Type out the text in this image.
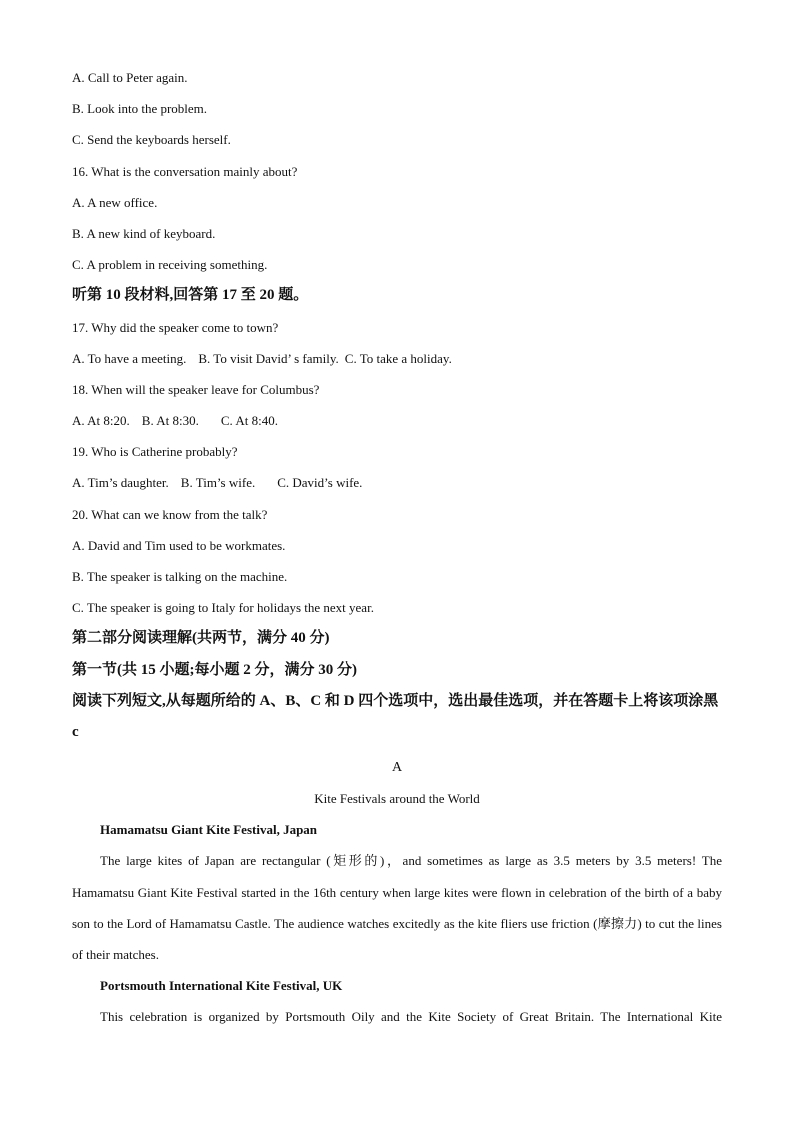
A. Call to Peter again.
B. Look into the problem.
C. Send the keyboards herself.
16. What is the conversation mainly about?
A. A new office.
B. A new kind of keyboard.
C. A problem in receiving something.
听第 10 段材料,回答第 17 至 20 题。
17. Why did the speaker come to town?
A. To have a meeting. B. To visit David’ s family. C. To take a holiday.
18. When will the speaker leave for Columbus?
A. At 8:20. B. At 8:30. C. At 8:40.
19. Who is Catherine probably?
A. Tim’s daughter. B. Tim’s wife. C. David’s wife.
20. What can we know from the talk?
A. David and Tim used to be workmates.
B. The speaker is talking on the machine.
C. The speaker is going to Italy for holidays the next year.
第二部分阅读理解(共两节，满分 40 分)
第一节(共 15 小题;每小题 2 分，满分 30 分)
阅读下列短文,从每题所给的 A、B、C 和 D 四个选项中，选出最佳选项，并在答题卡上将该项涂黑 c
A
Kite Festivals around the World
Hamamatsu Giant Kite Festival, Japan
The large kites of Japan are rectangular (矩形的)，and sometimes as large as 3.5 meters by 3.5 meters! The Hamamatsu Giant Kite Festival started in the 16th century when large kites were flown in celebration of the birth of a baby son to the Lord of Hamamatsu Castle. The audience watches excitedly as the kite fliers use friction (摩擦力) to cut the lines of their matches.
Portsmouth International Kite Festival, UK
This celebration is organized by Portsmouth Oily and the Kite Society of Great Britain. The International Kite
